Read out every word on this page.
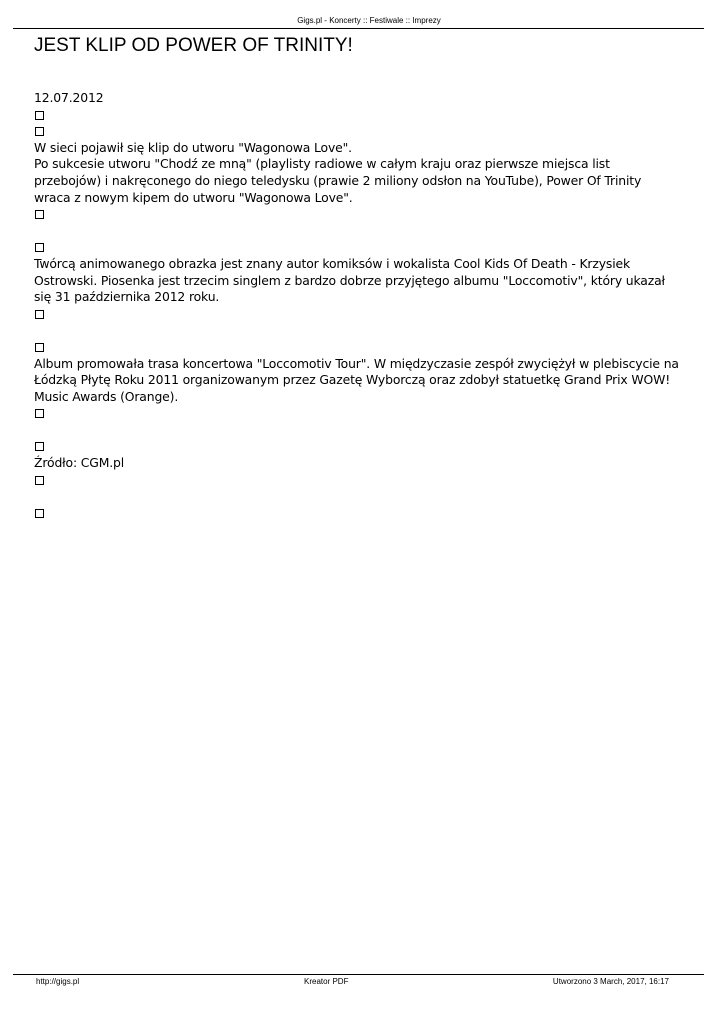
Gigs.pl - Koncerty :: Festiwale :: Imprezy
JEST KLIP OD POWER OF TRINITY!
12.07.2012
W sieci pojawił się klip do utworu "Wagonowa Love".
Po sukcesie utworu "Chodź ze mną" (playlisty radiowe w całym kraju oraz pierwsze miejsca list
przebojów) i nakręconego do niego teledysku (prawie 2 miliony odsłon na YouTube), Power Of Trinity
wraca z nowym kipem do utworu "Wagonowa Love".
Twórcą animowanego obrazka jest znany autor komiksów i wokalista Cool Kids Of Death - Krzysiek
Ostrowski. Piosenka jest trzecim singlem z bardzo dobrze przyjętego albumu "Loccomotiv", który ukazał
się 31 października 2012 roku.
Album promowała trasa koncertowa "Loccomotiv Tour". W międzyczasie zespół zwyciężył w plebiscycie na
Łódzką Płytę Roku 2011 organizowanym przez Gazetę Wyborczą oraz zdobył statuetkę Grand Prix WOW!
Music Awards (Orange).
Źródło: CGM.pl
http://gigs.pl	Kreator PDF	Utworzono 3 March, 2017, 16:17
